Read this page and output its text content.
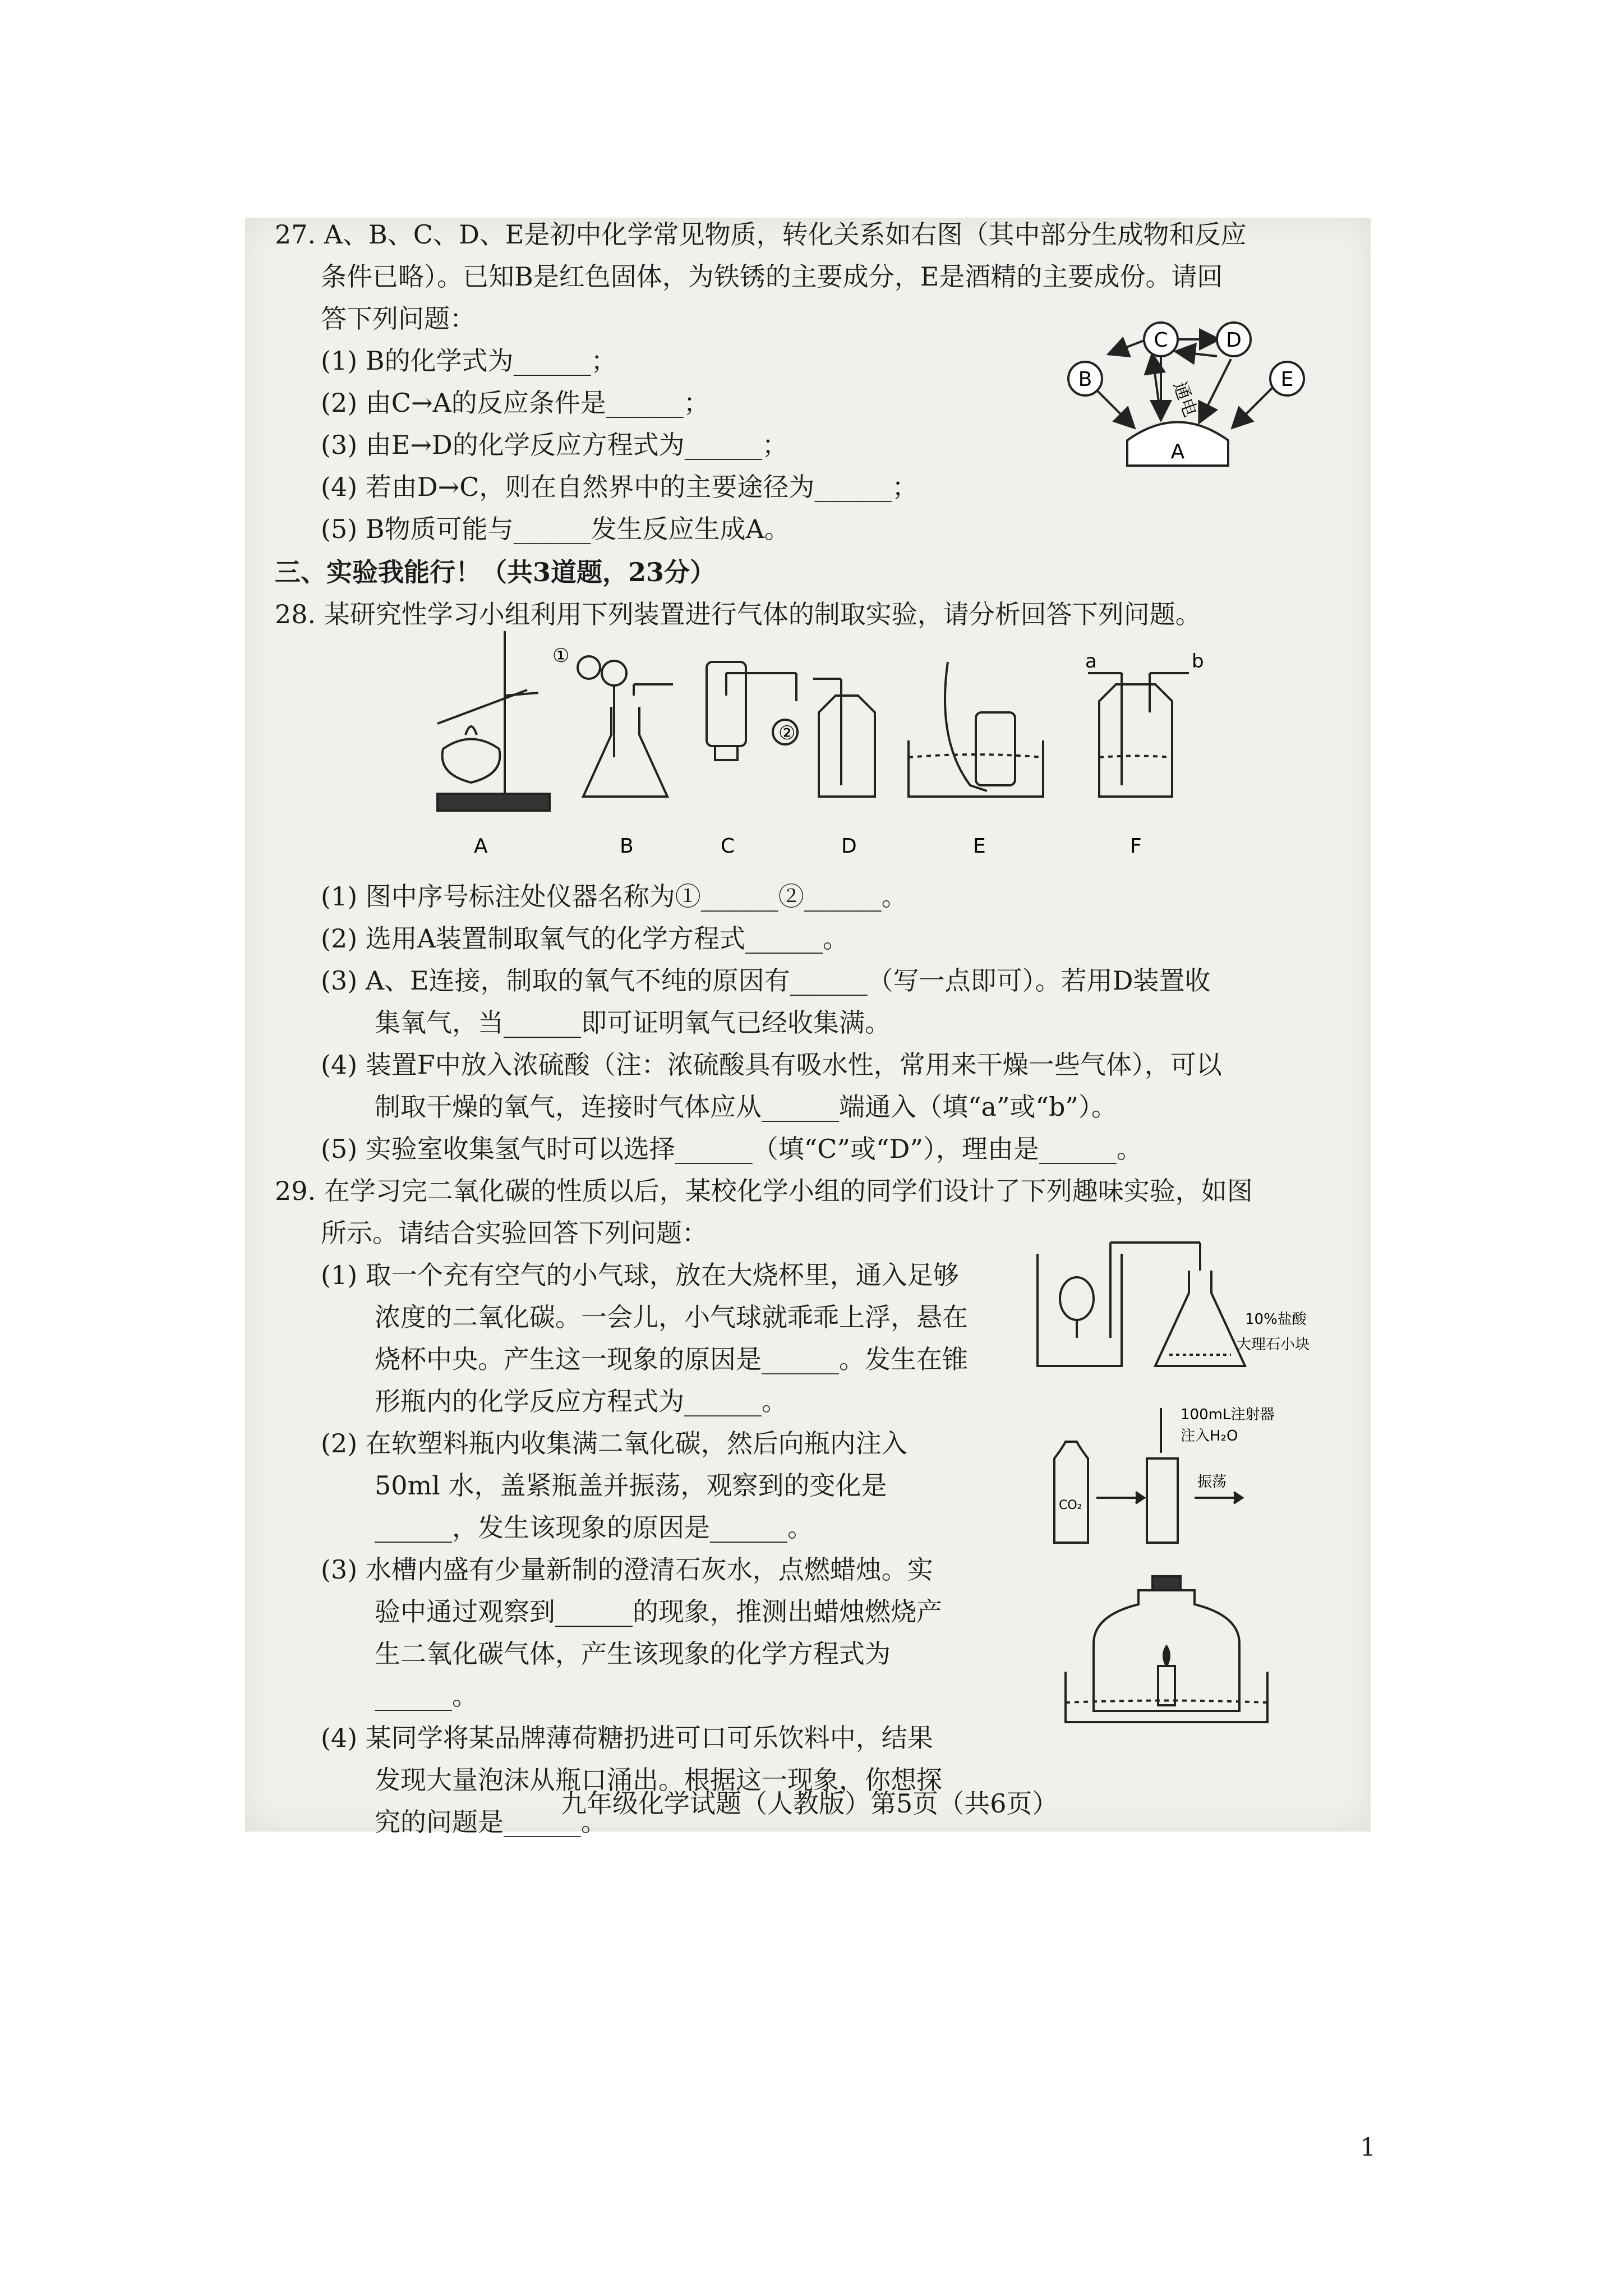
27. A、B、C、D、E是初中化学常见物质，转化关系如右图（其中部分生成物和反应
条件已略）。已知B是红色固体，为铁锈的主要成分，E是酒精的主要成份。请回
答下列问题：
(1) B的化学式为______；
(2) 由C→A的反应条件是______；
(3) 由E→D的化学反应方程式为______；
(4) 若由D→C，则在自然界中的主要途径为______；
(5) B物质可能与______发生反应生成A。
C	D
B	E
A
通电
三、实验我能行！（共3道题，23分）
28. 某研究性学习小组利用下列装置进行气体的制取实验，请分析回答下列问题。
①
②
a	b
A	B	C	D	E	F
(1) 图中序号标注处仪器名称为①______②______。
(2) 选用A装置制取氧气的化学方程式______。
(3) A、E连接，制取的氧气不纯的原因有______（写一点即可）。若用D装置收
集氧气，当______即可证明氧气已经收集满。
(4) 装置F中放入浓硫酸（注：浓硫酸具有吸水性，常用来干燥一些气体），可以
制取干燥的氧气，连接时气体应从______端通入（填“a”或“b”）。
(5) 实验室收集氢气时可以选择______（填“C”或“D”），理由是______。
29. 在学习完二氧化碳的性质以后，某校化学小组的同学们设计了下列趣味实验，如图
所示。请结合实验回答下列问题：
(1) 取一个充有空气的小气球，放在大烧杯里，通入足够
浓度的二氧化碳。一会儿，小气球就乖乖上浮，悬在
烧杯中央。产生这一现象的原因是______。发生在锥
形瓶内的化学反应方程式为______。
(2) 在软塑料瓶内收集满二氧化碳，然后向瓶内注入
50ml 水，盖紧瓶盖并振荡，观察到的变化是
______，发生该现象的原因是______。
(3) 水槽内盛有少量新制的澄清石灰水，点燃蜡烛。实
验中通过观察到______的现象，推测出蜡烛燃烧产
生二氧化碳气体，产生该现象的化学方程式为
______。
(4) 某同学将某品牌薄荷糖扔进可口可乐饮料中，结果
发现大量泡沫从瓶口涌出。根据这一现象，你想探
究的问题是______。
10%盐酸
大理石小块
100mL注射器
注入H₂O
振荡
CO₂
九年级化学试题（人教版）第5页（共6页）
1
